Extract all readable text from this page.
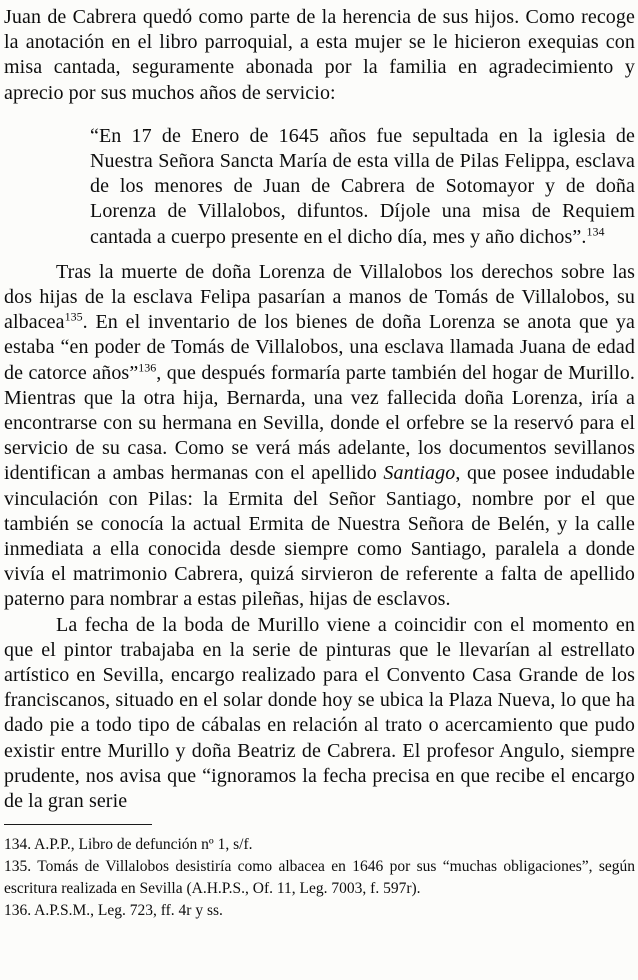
Juan de Cabrera quedó como parte de la herencia de sus hijos. Como recoge la anotación en el libro parroquial, a esta mujer se le hicieron exequias con misa cantada, seguramente abonada por la familia en agradecimiento y aprecio por sus muchos años de servicio:

“En 17 de Enero de 1645 años fue sepultada en la iglesia de Nuestra Señora Sancta María de esta villa de Pilas Felippa, esclava de los menores de Juan de Cabrera de Sotomayor y de doña Lorenza de Villalobos, difuntos. Díjole una misa de Requiem cantada a cuerpo presente en el dicho día, mes y año dichos”.$^{134}$

Tras la muerte de doña Lorenza de Villalobos los derechos sobre las dos hijas de la esclava Felipa pasarían a manos de Tomás de Villalobos, su albacea$^{135}$. En el inventario de los bienes de doña Lorenza se anota que ya estaba “en poder de Tomás de Villalobos, una esclava llamada Juana de edad de catorce años”$^{136}$, que después formaría parte también del hogar de Murillo. Mientras que la otra hija, Bernarda, una vez fallecida doña Lorenza, iría a encontrarse con su hermana en Sevilla, donde el orfebre se la reservó para el servicio de su casa. Como se verá más adelante, los documentos sevillanos identifican a ambas hermanas con el apellido Santiago, que posee indudable vinculación con Pilas: la Ermita del Señor Santiago, nombre por el que también se conocía la actual Ermita de Nuestra Señora de Belén, y la calle inmediata a ella conocida desde siempre como Santiago, paralela a donde vivía el matrimonio Cabrera, quizá sirvieron de referente a falta de apellido paterno para nombrar a estas pileñas, hijas de esclavos.

La fecha de la boda de Murillo viene a coincidir con el momento en que el pintor trabajaba en la serie de pinturas que le llevarían al estrellato artístico en Sevilla, encargo realizado para el Convento Casa Grande de los franciscanos, situado en el solar donde hoy se ubica la Plaza Nueva, lo que ha dado pie a todo tipo de cábalas en relación al trato o acercamiento que pudo existir entre Murillo y doña Beatriz de Cabrera. El profesor Angulo, siempre prudente, nos avisa que “ignoramos la fecha precisa en que recibe el encargo de la gran serie

134. A.P.P., Libro de defunción nº 1, s/f.

135. Tomás de Villalobos desistiría como albacea en 1646 por sus “muchas obligaciones”, según escritura realizada en Sevilla (A.H.P.S., Of. 11, Leg. 7003, f. 597r).

136. A.P.S.M., Leg. 723, ff. 4r y ss.
